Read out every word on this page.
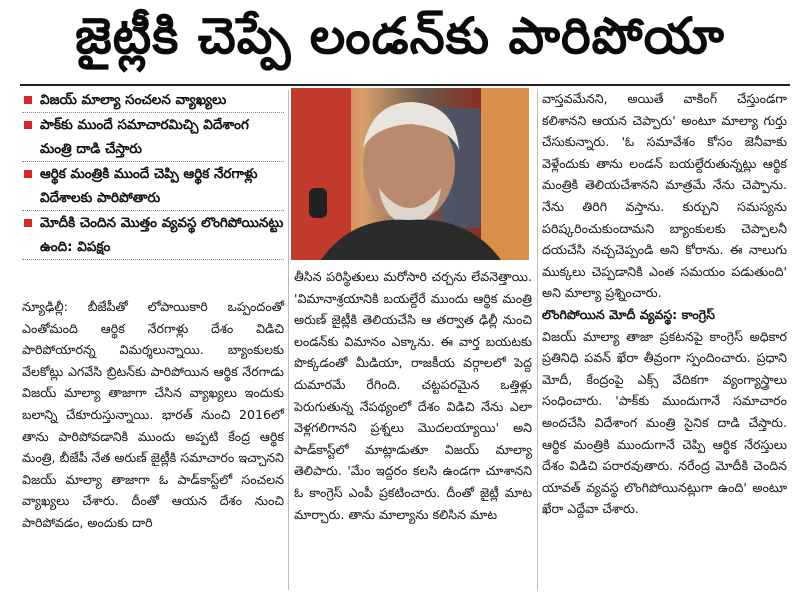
జైట్లీకి చెప్పే లండన్‌కు పారిపోయా
విజయ్ మాల్యా సంచలన వ్యాఖ్యలు
పాక్‌కు ముందే సమాచారమిచ్చి విదేశాంగ మంత్రి దాడి చేస్తారు
ఆర్థిక మంత్రికి ముందే చెప్పి ఆర్థిక నేరగాళ్లు విదేశాలకు పారిపోతారు
మోదీకి చెందిన మొత్తం వ్యవస్థ లొంగిపోయినట్టు ఉంది: విపక్షం

న్యూఢిల్లీ: బీజేపీతో లోపాయికారి ఒప్పందంతో ఎంతోమంది ఆర్థిక నేరగాళ్లు దేశం విడిచి పారిపోయారన్న విమర్శలున్నాయి. బ్యాంకులకు వేలకోట్లు ఎగవేసి బ్రిటన్‌కు పారిపోయిన ఆర్థిక నేరగాడు విజయ్ మాల్యా తాజాగా చేసిన వ్యాఖ్యలు ఇందుకు బలాన్ని చేకూరుస్తున్నాయి. భారత్ నుంచి 2016లో తాను పారిపోవడానికి ముందు అప్పటి కేంద్ర ఆర్థిక మంత్రి, బీజేపీ నేత అరుణ్ జైట్లీకి సమాచారం ఇచ్చానని విజయ్ మాల్యా తాజాగా ఓ పాడ్‌కాస్ట్‌లో సంచలన వ్యాఖ్యలు చేశారు. దీంతో ఆయన దేశం నుంచి పారిపోవడం, అందుకు దారి

తీసిన పరిస్థితులు మరోసారి చర్చను లేవనెత్తాయి. 'విమానాశ్రయానికి బయల్దేరే ముందు ఆర్థిక మంత్రి అరుణ్ జైట్లీకి తెలియచేసి ఆ తర్వాత ఢిల్లీ నుంచి లండన్‌కు విమానం ఎక్కాను. ఈ వార్త బయటకు పొక్కడంతో మీడియా, రాజకీయ వర్గాలలో పెద్ద దుమారమే రేగింది. చట్టపరమైన ఒత్తిళ్లు పెరుగుతున్న నేపథ్యంలో దేశం విడిచి నేను ఎలా వెళ్లగలిగానని ప్రశ్నలు మొదలయ్యాయి' అని పాడ్‌కాస్ట్‌లో మాట్లాడుతూ విజయ్ మాల్యా తెలిపారు. 'మేం ఇద్దరం కలసి ఉండగా చూశానని ఓ కాంగ్రెస్ ఎంపీ ప్రకటించారు. దీంతో జైట్లీ మాట మార్చారు. తాను మాల్యాను కలిసిన మాట

వాస్తవమేనని, అయితే వాకింగ్ చేస్తుండగా కలిశానని ఆయన చెప్పారు' అంటూ మాల్యా గుర్తు చేసుకున్నారు. 'ఓ సమావేశం కోసం జెనీవాకు వెళ్లేందుకు తాను లండన్ బయల్దేరుతున్నట్లు ఆర్థిక మంత్రికి తెలియచేశానని మాత్రమే నేను చెప్పాను. నేను తిరిగి వస్తాను. కుర్చుని సమస్యను పరిష్కరించుకుందామని బ్యాంకులకు చెప్పాలనీ దయచేసి నచ్చచెప్పండి అని కోరాను. ఈ నాలుగు ముక్కలు చెప్పడానికి ఎంత సమయం పడుతుంది' అని మాల్యా ప్రశ్నించారు.

లొంగిపోయిన మోదీ వ్యవస్థ: కాంగ్రెస్

విజయ్ మాల్యా తాజా ప్రకటనపై కాంగ్రెస్ అధికార ప్రతినిధి పవన్ ఖేరా తీవ్రంగా స్పందించారు. ప్రధాని మోదీ, కేంద్రంపై ఎక్స్ వేదికగా వ్యంగ్యాస్త్రాలు సంధించారు. 'పాక్‌కు ముందుగానే సమాచారం అందచేసి విదేశాంగ మంత్రి సైనిక దాడి చేస్తారు. ఆర్థిక మంత్రికి ముందుగానే చెప్పి ఆర్థిక నేరస్తులు దేశం విడిచి పరారవుతారు. నరేంద్ర మోదీకి చెందిన యావత్ వ్యవస్థ లొంగిపోయినట్లుగా ఉంది' అంటూ ఖేరా ఎద్దేవా చేశారు.
